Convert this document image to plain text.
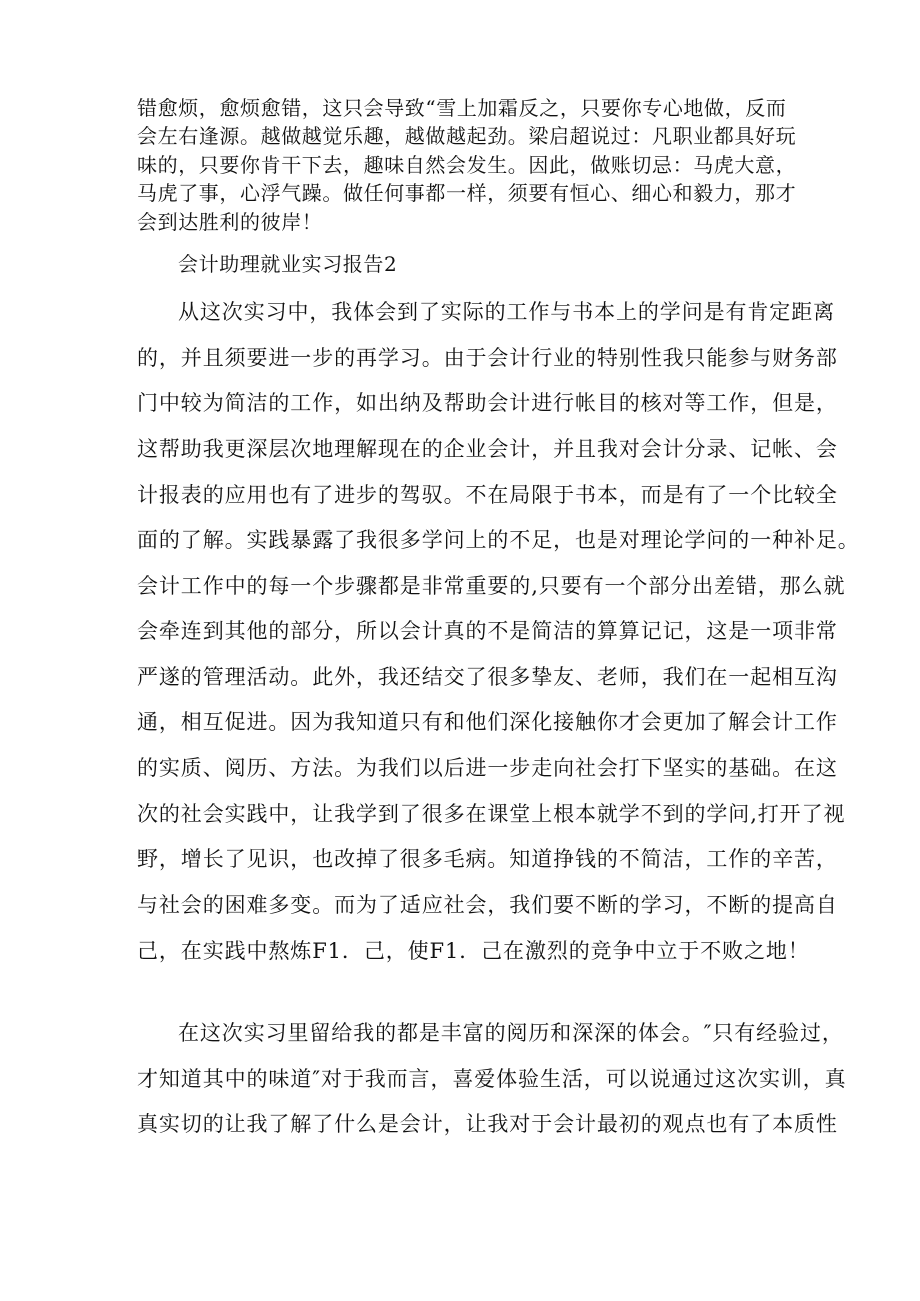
错愈烦，愈烦愈错，这只会导致“雪上加霜反之，只要你专心地做，反而
会左右逢源。越做越觉乐趣，越做越起劲。梁启超说过：凡职业都具好玩
味的，只要你肯干下去，趣味自然会发生。因此，做账切忌：马虎大意，
马虎了事，心浮气躁。做任何事都一样，须要有恒心、细心和毅力，那才
会到达胜利的彼岸！
会计助理就业实习报告2
从这次实习中，我体会到了实际的工作与书本上的学问是有肯定距离
的，并且须要进一步的再学习。由于会计行业的特别性我只能参与财务部
门中较为简洁的工作，如出纳及帮助会计进行帐目的核对等工作，但是，
这帮助我更深层次地理解现在的企业会计，并且我对会计分录、记帐、会
计报表的应用也有了进步的驾驭。不在局限于书本，而是有了一个比较全
面的了解。实践暴露了我很多学问上的不足，也是对理论学问的一种补足。
会计工作中的每一个步骤都是非常重要的,只要有一个部分出差错，那么就
会牵连到其他的部分，所以会计真的不是简洁的算算记记，这是一项非常
严遂的管理活动。此外，我还结交了很多挚友、老师，我们在一起相互沟
通，相互促进。因为我知道只有和他们深化接触你才会更加了解会计工作
的实质、阅历、方法。为我们以后进一步走向社会打下坚实的基础。在这
次的社会实践中，让我学到了很多在课堂上根本就学不到的学问,打开了视
野，增长了见识，也改掉了很多毛病。知道挣钱的不简洁，工作的辛苦，
与社会的困难多变。而为了适应社会，我们要不断的学习，不断的提高自
己，在实践中熬炼F1．己，使F1．己在激烈的竞争中立于不败之地！
在这次实习里留给我的都是丰富的阅历和深深的体会。″只有经验过，
才知道其中的味道″对于我而言，喜爱体验生活，可以说通过这次实训，真
真实切的让我了解了什么是会计，让我对于会计最初的观点也有了本质性
